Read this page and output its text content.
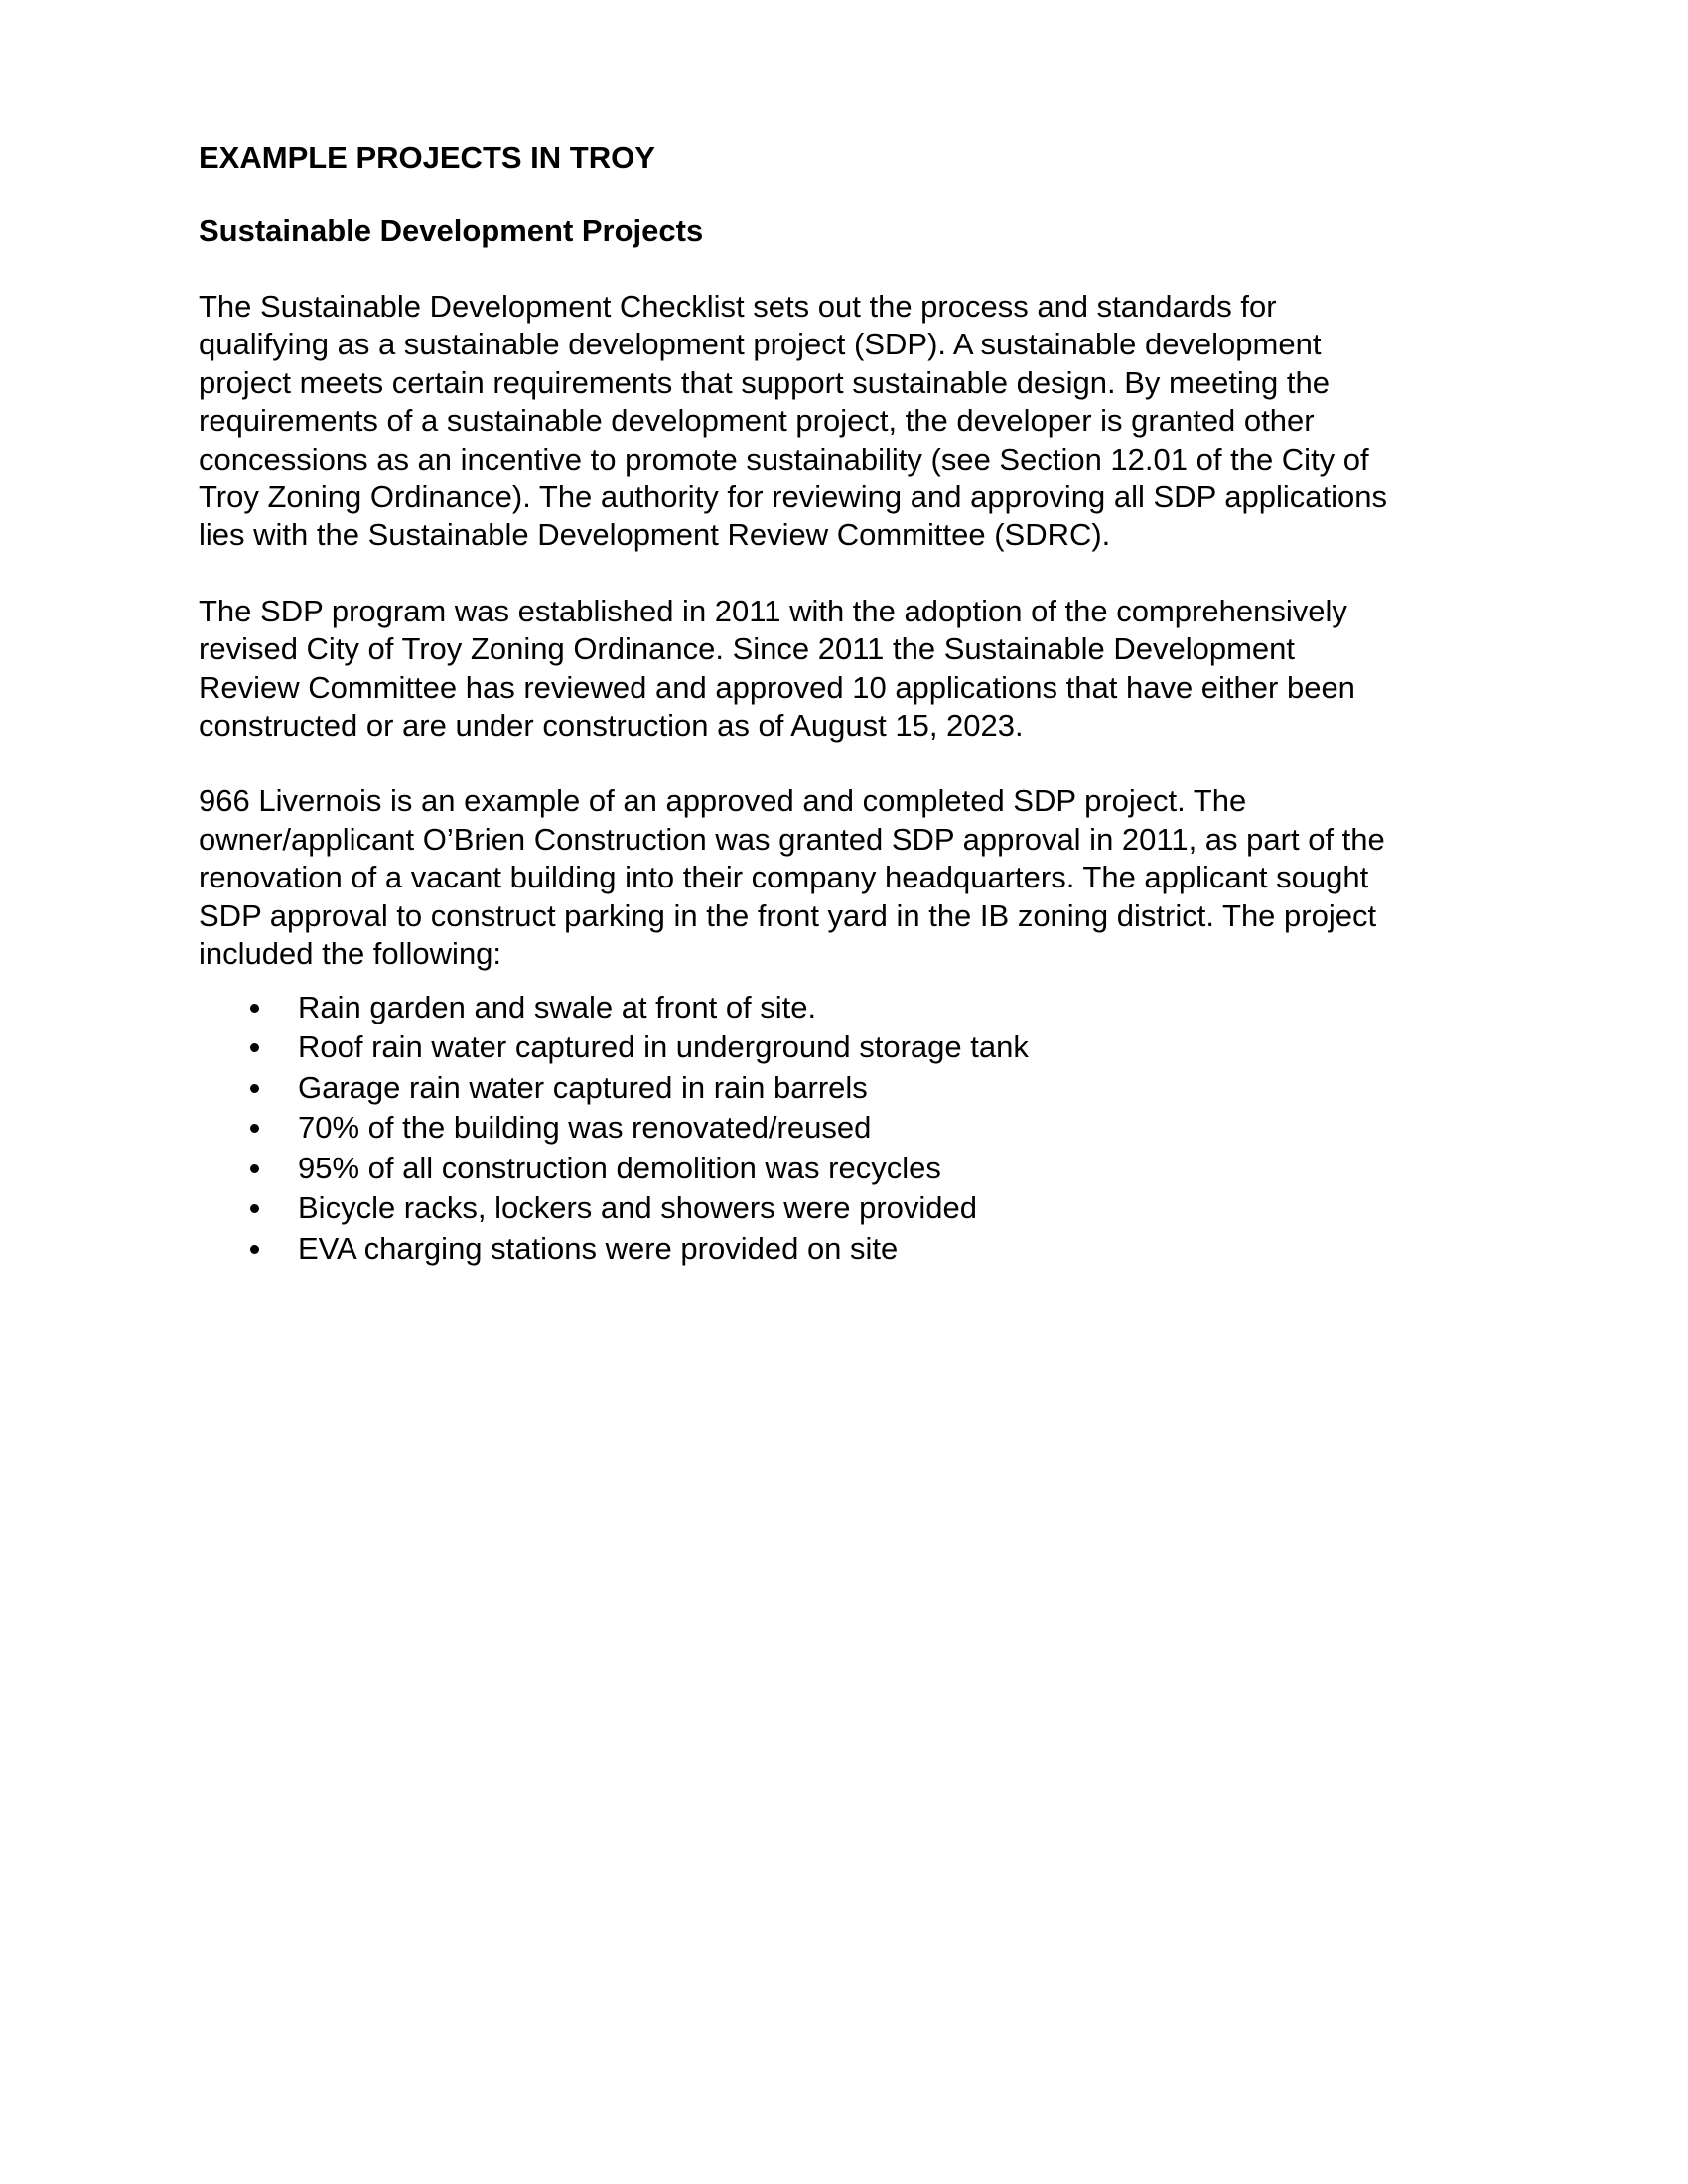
EXAMPLE PROJECTS IN TROY
Sustainable Development Projects

The Sustainable Development Checklist sets out the process and standards for
qualifying as a sustainable development project (SDP). A sustainable development
project meets certain requirements that support sustainable design. By meeting the
requirements of a sustainable development project, the developer is granted other
concessions as an incentive to promote sustainability (see Section 12.01 of the City of
Troy Zoning Ordinance). The authority for reviewing and approving all SDP applications
lies with the Sustainable Development Review Committee (SDRC).

The SDP program was established in 2011 with the adoption of the comprehensively
revised City of Troy Zoning Ordinance. Since 2011 the Sustainable Development
Review Committee has reviewed and approved 10 applications that have either been
constructed or are under construction as of August 15, 2023.

966 Livernois is an example of an approved and completed SDP project. The
owner/applicant O’Brien Construction was granted SDP approval in 2011, as part of the
renovation of a vacant building into their company headquarters. The applicant sought
SDP approval to construct parking in the front yard in the IB zoning district. The project
included the following:

Rain garden and swale at front of site.
Roof rain water captured in underground storage tank
Garage rain water captured in rain barrels
70% of the building was renovated/reused
95% of all construction demolition was recycles
Bicycle racks, lockers and showers were provided
EVA charging stations were provided on site
